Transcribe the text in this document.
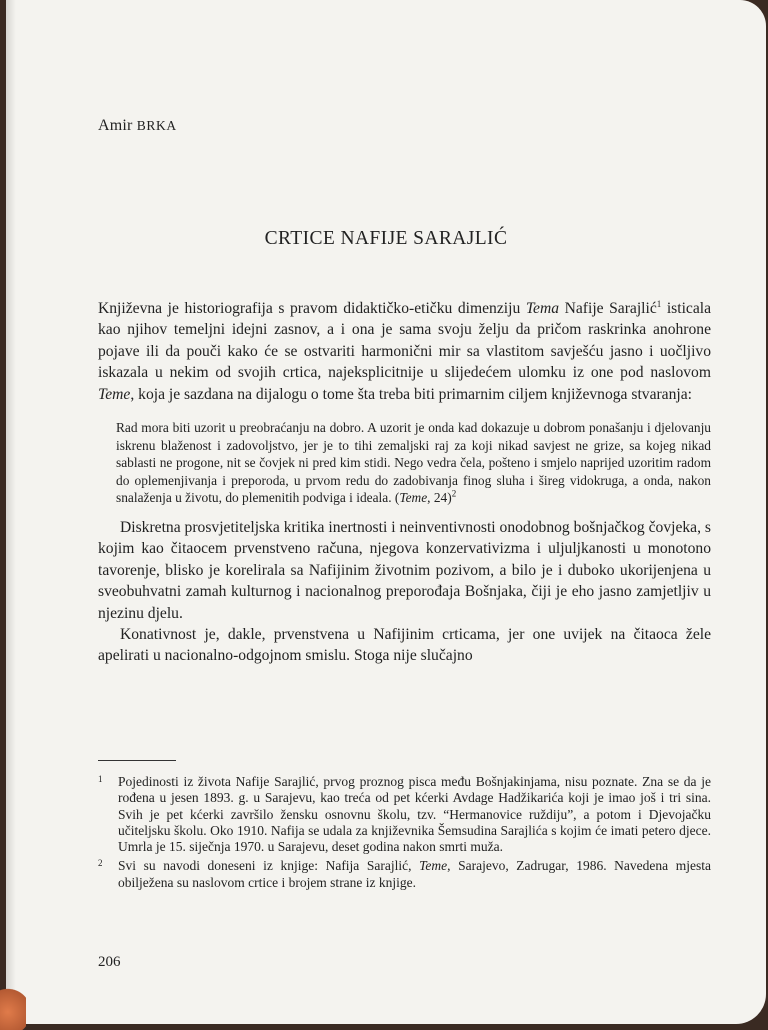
Amir BRKA
CRTICE NAFIJE SARAJLIĆ

Književna je historiografija s pravom didaktičko-etičku dimenziju Tema Nafije Sarajlić$^1$ isticala kao njihov temeljni idejni zasnov, a i ona je sama svoju želju da pričom raskrinka anohrone pojave ili da pouči kako će se ostvariti harmonični mir sa vlastitom savješću jasno i uočljivo iskazala u nekim od svojih crtica, najeksplicitnije u slijedećem ulomku iz one pod naslovom Teme, koja je sazdana na dijalogu o tome šta treba biti primarnim ciljem književnoga stvaranja:

Rad mora biti uzorit u preobraćanju na dobro. A uzorit je onda kad dokazuje u dobrom ponašanju i djelovanju iskrenu blaženost i zadovoljstvo, jer je to tihi zemaljski raj za koji nikad savjest ne grize, sa kojeg nikad sablasti ne progone, nit se čovjek ni pred kim stidi. Nego vedra čela, pošteno i smjelo naprijed uzoritim radom do oplemenjivanja i preporoda, u prvom redu do zadobivanja finog sluha i šireg vidokruga, a onda, nakon snalaženja u životu, do plemenitih podviga i ideala. (Teme, 24)$^2$

Diskretna prosvjetiteljska kritika inertnosti i neinventivnosti onodobnog bošnjačkog čovjeka, s kojim kao čitaocem prvenstveno računa, njegova konzervativizma i uljuljkanosti u monotono tavorenje, blisko je korelirala sa Nafijinim životnim pozivom, a bilo je i duboko ukorijenjena u sveobuhvatni zamah kulturnog i nacionalnog preporođaja Bošnjaka, čiji je eho jasno zamjetljiv u njezinu djelu.

Konativnost je, dakle, prvenstvena u Nafijinim crticama, jer one uvijek na čitaoca žele apelirati u nacionalno-odgojnom smislu. Stoga nije slučajno

1 Pojedinosti iz života Nafije Sarajlić, prvog proznog pisca među Bošnjakinjama, nisu poznate. Zna se da je rođena u jesen 1893. g. u Sarajevu, kao treća od pet kćerki Avdage Hadžikarića koji je imao još i tri sina. Svih je pet kćerki završilo žensku osnovnu školu, tzv. “Hermanovice ruždiju”, a potom i Djevojačku učiteljsku školu. Oko 1910. Nafija se udala za književnika Šemsudina Sarajlića s kojim će imati petero djece. Umrla je 15. siječnja 1970. u Sarajevu, deset godina nakon smrti muža.
2 Svi su navodi doneseni iz knjige: Nafija Sarajlić, Teme, Sarajevo, Zadrugar, 1986. Navedena mjesta obilježena su naslovom crtice i brojem strane iz knjige.
206
